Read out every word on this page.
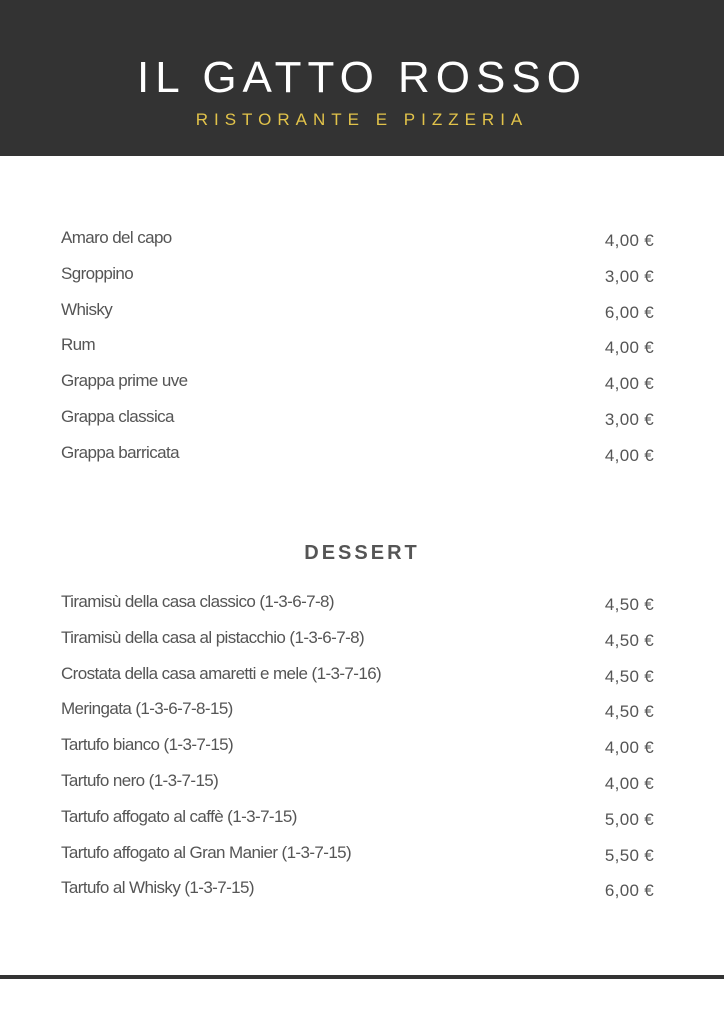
IL GATTO ROSSO
RISTORANTE E PIZZERIA
Amaro del capo	4,00 €
Sgroppino	3,00 €
Whisky	6,00 €
Rum	4,00 €
Grappa prime uve	4,00 €
Grappa classica	3,00 €
Grappa barricata	4,00 €
DESSERT
Tiramisù della casa classico (1-3-6-7-8)	4,50 €
Tiramisù della casa al pistacchio (1-3-6-7-8)	4,50 €
Crostata della casa amaretti e mele (1-3-7-16)	4,50 €
Meringata (1-3-6-7-8-15)	4,50 €
Tartufo bianco (1-3-7-15)	4,00 €
Tartufo nero (1-3-7-15)	4,00 €
Tartufo affogato al caffè (1-3-7-15)	5,00 €
Tartufo affogato al Gran Manier (1-3-7-15)	5,50 €
Tartufo al Whisky (1-3-7-15)	6,00 €
